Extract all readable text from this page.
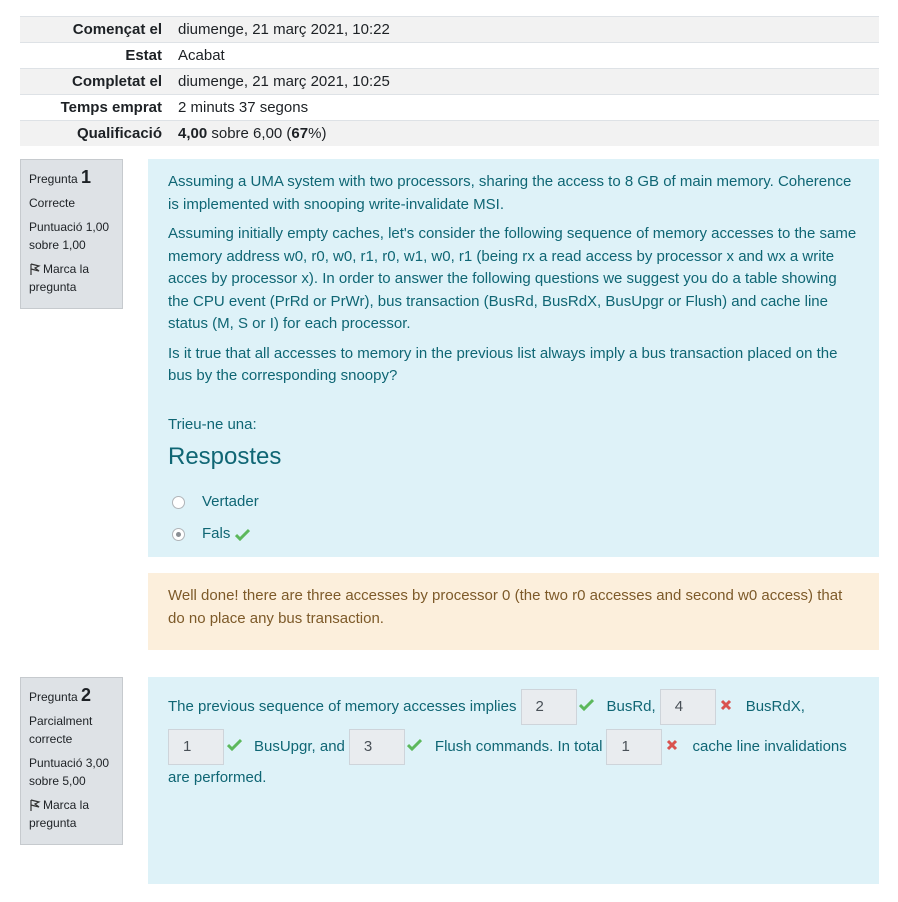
Començat el	diumenge, 21 març 2021, 10:22
Estat	Acabat
Completat el	diumenge, 21 març 2021, 10:25
Temps emprat	2 minuts 37 segons
Qualificació	4,00 sobre 6,00 (67%)
Pregunta 1
Correcte
Puntuació 1,00 sobre 1,00
Marca la pregunta

Assuming a UMA system with two processors, sharing the access to 8 GB of main memory. Coherence is implemented with snooping write-invalidate MSI.

Assuming initially empty caches, let's consider the following sequence of memory accesses to the same memory address w0, r0, w0, r1, r0, w1, w0, r1 (being rx a read access by processor x and wx a write acces by processor x). In order to answer the following questions we suggest you do a table showing the CPU event (PrRd or PrWr), bus transaction (BusRd, BusRdX, BusUpgr or Flush) and cache line status (M, S or I) for each processor.

Is it true that all accesses to memory in the previous list always imply a bus transaction placed on the bus by the corresponding snoopy?

Trieu-ne una:
Respostes
Vertader
Fals
Well done! there are three accesses by processor 0 (the two r0 accesses and second w0 access) that do no place any bus transaction.
Pregunta 2
Parcialment correcte
Puntuació 3,00 sobre 5,00
Marca la pregunta
The previous sequence of memory accesses implies	2	BusRd,	4	BusRdX,
1	BusUpgr, and	3	Flush commands. In total	1	cache line invalidations
are performed.
